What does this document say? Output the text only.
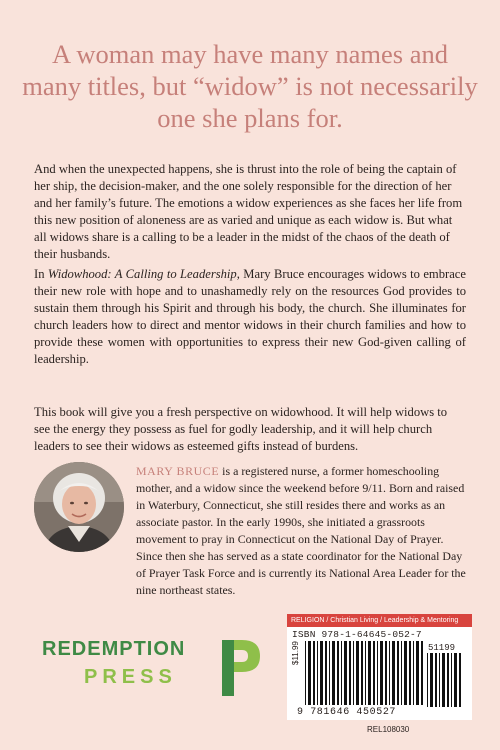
A woman may have many names and many titles, but “widow” is not necessarily one she plans for.

And when the unexpected happens, she is thrust into the role of being the captain of her ship, the decision-maker, and the one solely responsible for the direction of her and her family’s future. The emotions a widow experiences as she faces her life from this new position of aloneness are as varied and unique as each widow is. But what all widows share is a calling to be a leader in the midst of the chaos of the death of their husbands.

In Widowhood: A Calling to Leadership, Mary Bruce encourages widows to embrace their new role with hope and to unashamedly rely on the resources God provides to sustain them through his Spirit and through his body, the church. She illuminates for church leaders how to direct and mentor widows in their church families and how to provide these women with opportunities to express their new God-given calling of leadership.

This book will give you a fresh perspective on widowhood. It will help widows to see the energy they possess as fuel for godly leadership, and it will help church leaders to see their widows as esteemed gifts instead of burdens.

MARY BRUCE is a registered nurse, a former homeschooling mother, and a widow since the weekend before 9/11. Born and raised in Waterbury, Connecticut, she still resides there and works as an associate pastor. In the early 1990s, she initiated a grassroots movement to pray in Connecticut on the National Day of Prayer. Since then she has served as a state coordinator for the National Day of Prayer Task Force and is currently its National Area Leader for the nine northeast states.

REDEMPTION
PRESS
RELIGION / Christian Living / Leadership & Mentoring
ISBN 978-1-64645-052-7
$11.99	51199
9 781646 450527
REL108030
